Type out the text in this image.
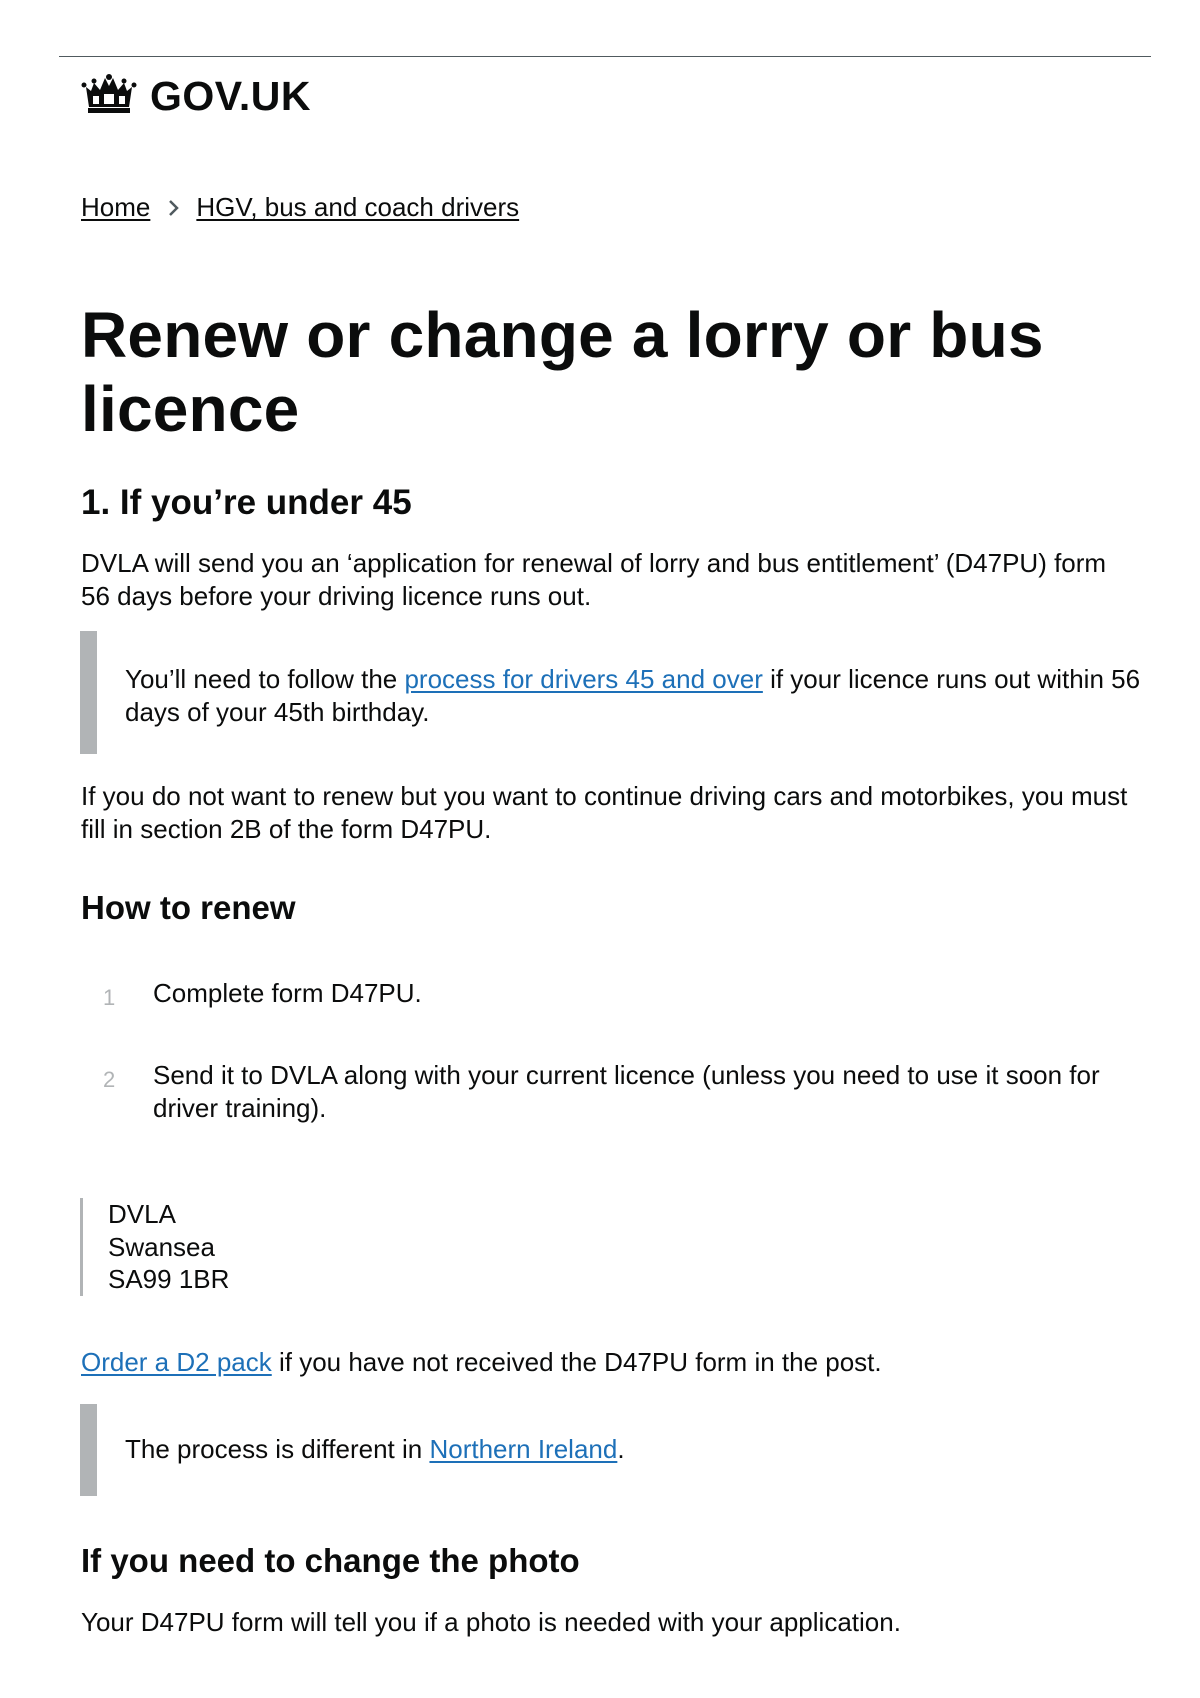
GOV.UK
Home HGV, bus and coach drivers
Renew or change a lorry or bus licence
1. If you’re under 45

DVLA will send you an ‘application for renewal of lorry and bus entitlement’ (D47PU) form 56 days before your driving licence runs out.

You’ll need to follow the process for drivers 45 and over if your licence runs out within 56 days of your 45th birthday.

If you do not want to renew but you want to continue driving cars and motorbikes, you must fill in section 2B of the form D47PU.

How to renew
1 Complete form D47PU.
2 Send it to DVLA along with your current licence (unless you need to use it soon for driver training).
DVLA
Swansea
SA99 1BR

Order a D2 pack if you have not received the D47PU form in the post.

The process is different in Northern Ireland.

If you need to change the photo

Your D47PU form will tell you if a photo is needed with your application.
